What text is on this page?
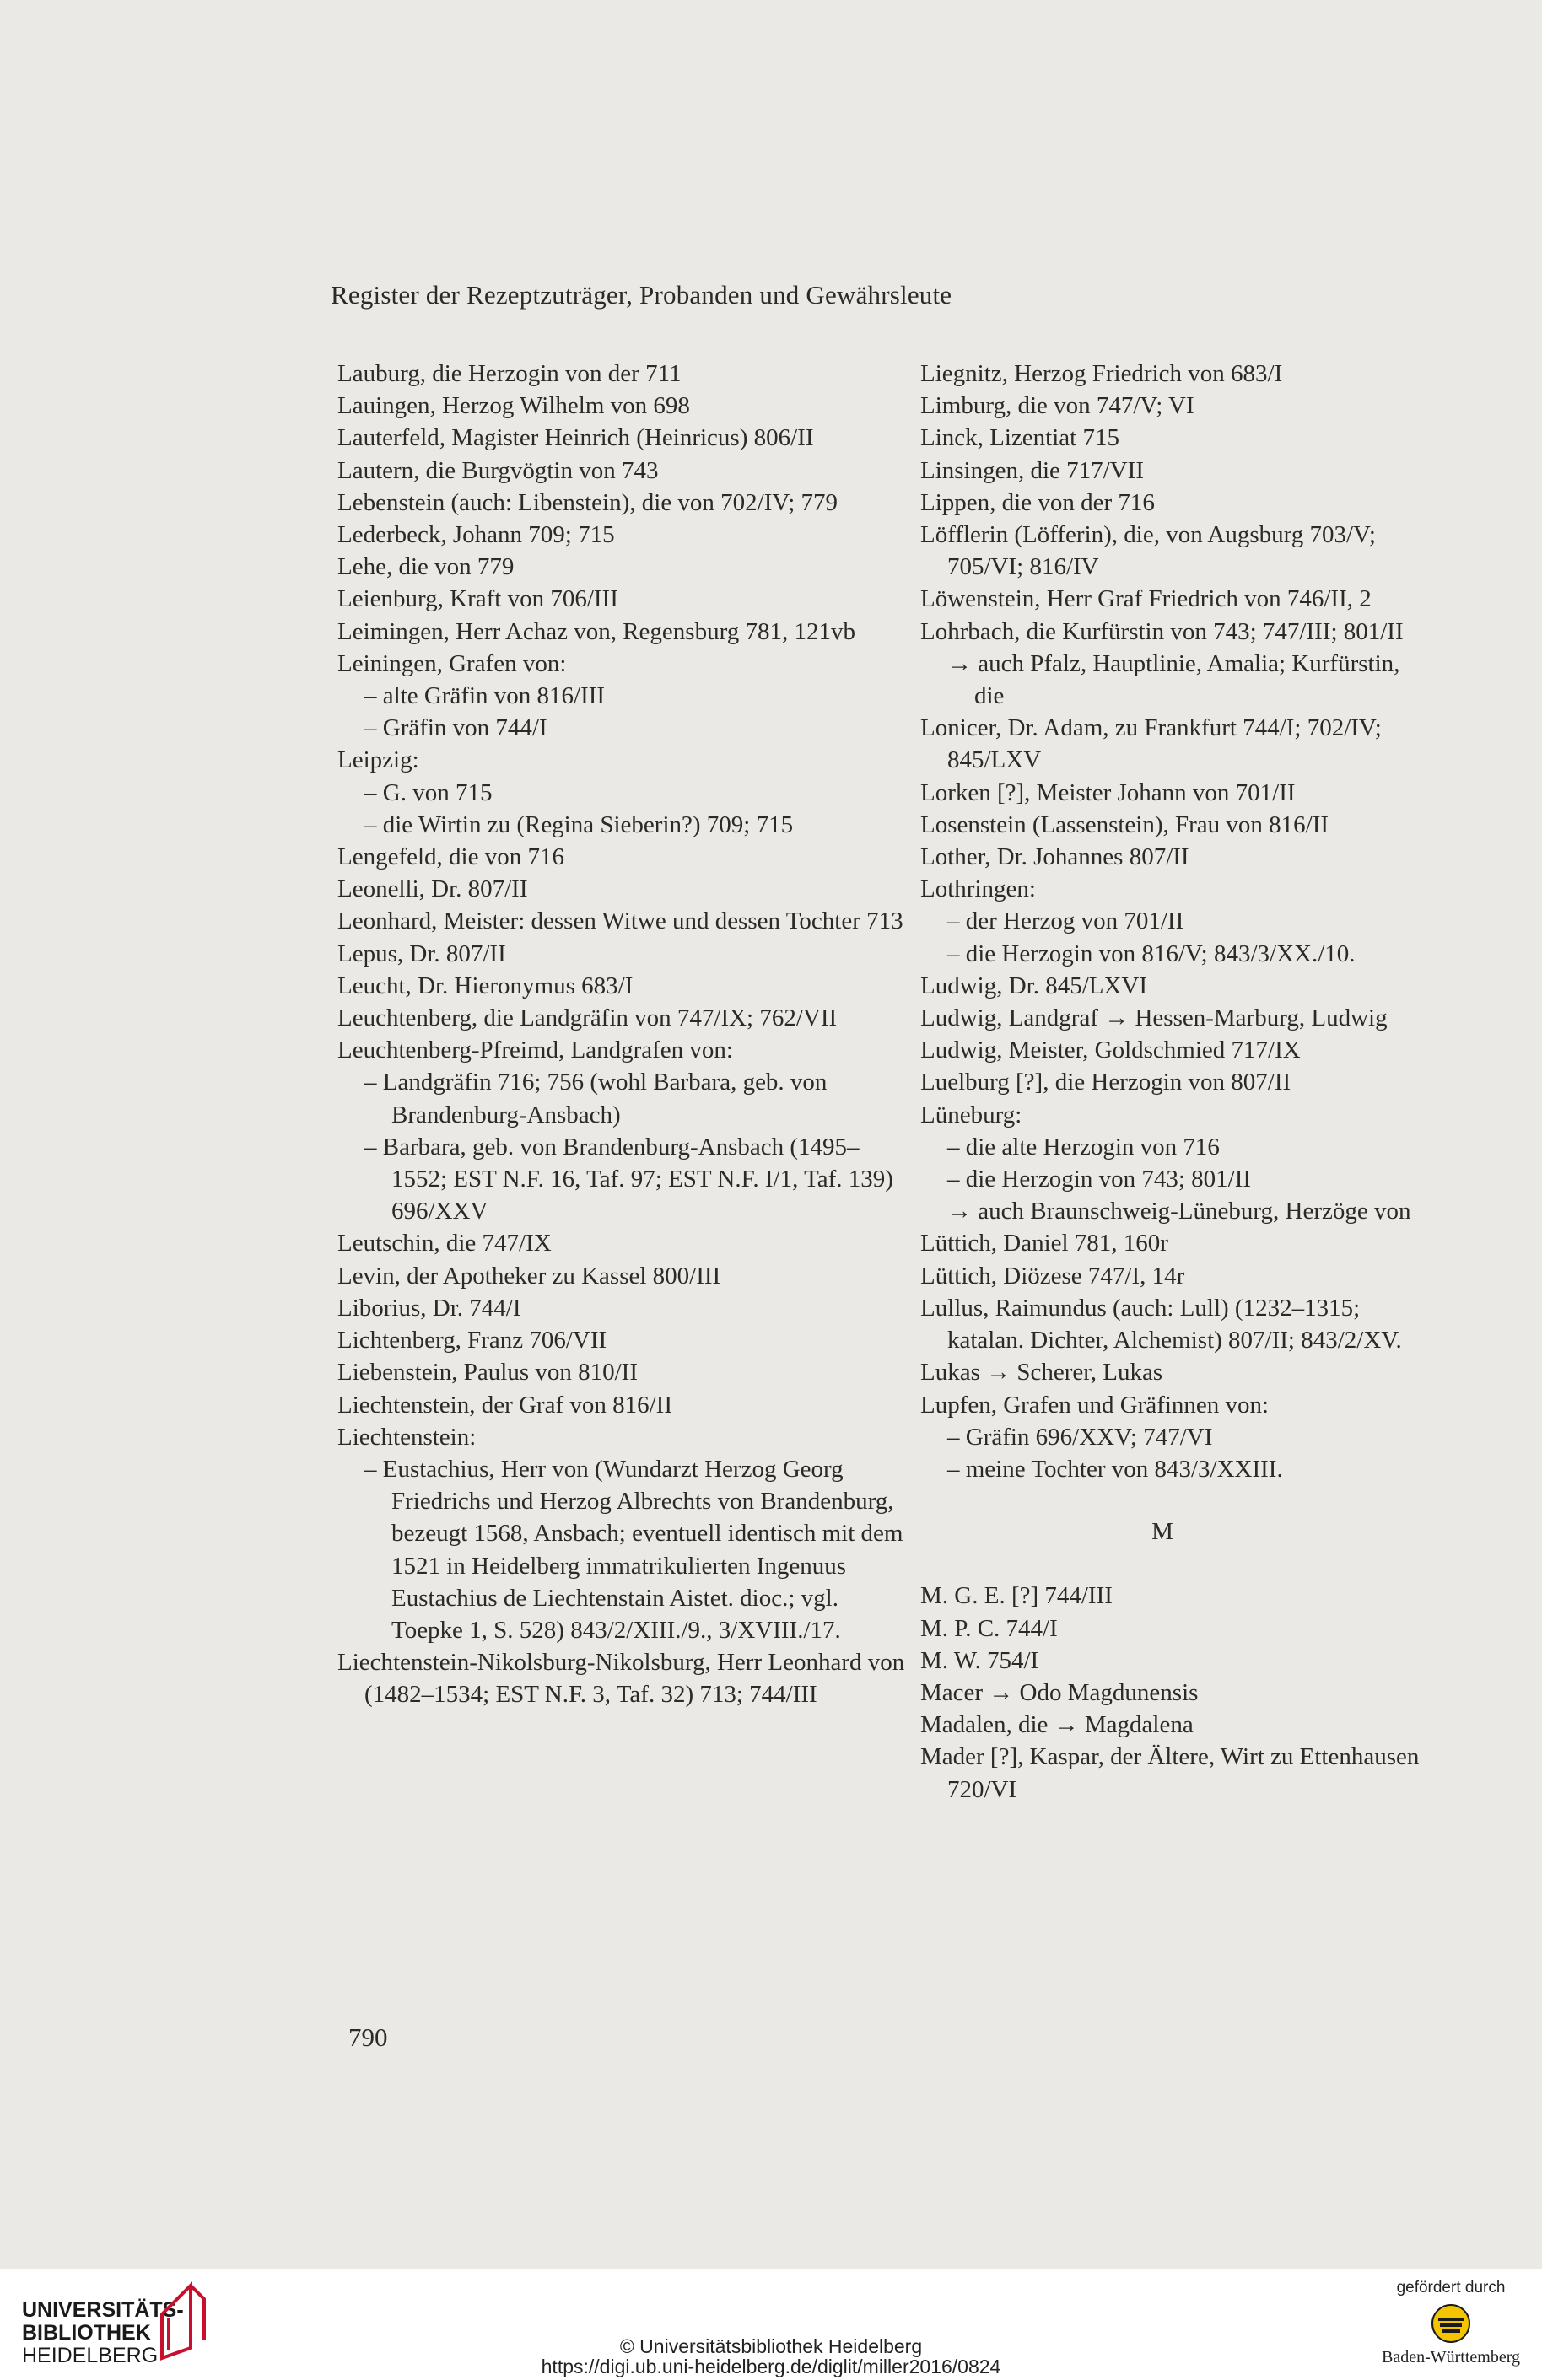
Register der Rezeptzuträger, Probanden und Gewährsleute

Lauburg, die Herzogin von der 711

Lauingen, Herzog Wilhelm von 698

Lauterfeld, Magister Heinrich (Heinricus) 806/II

Lautern, die Burgvögtin von 743

Lebenstein (auch: Libenstein), die von 702/IV; 779

Lederbeck, Johann 709; 715

Lehe, die von 779

Leienburg, Kraft von 706/III

Leimingen, Herr Achaz von, Regensburg 781, 121vb

Leiningen, Grafen von:

– alte Gräfin von 816/III

– Gräfin von 744/I

Leipzig:

– G. von 715

– die Wirtin zu (Regina Sieberin?) 709; 715

Lengefeld, die von 716

Leonelli, Dr. 807/II

Leonhard, Meister: dessen Witwe und dessen Tochter 713

Lepus, Dr. 807/II

Leucht, Dr. Hieronymus 683/I

Leuchtenberg, die Landgräfin von 747/IX; 762/VII

Leuchtenberg-Pfreimd, Landgrafen von:

– Landgräfin 716; 756 (wohl Barbara, geb. von Brandenburg-Ansbach)

– Barbara, geb. von Brandenburg-Ansbach (1495–1552; EST N.F. 16, Taf. 97; EST N.F. I/1, Taf. 139) 696/XXV

Leutschin, die 747/IX

Levin, der Apotheker zu Kassel 800/III

Liborius, Dr. 744/I

Lichtenberg, Franz 706/VII

Liebenstein, Paulus von 810/II

Liechtenstein, der Graf von 816/II

Liechtenstein:

– Eustachius, Herr von (Wundarzt Herzog Georg Friedrichs und Herzog Albrechts von Brandenburg, bezeugt 1568, Ansbach; eventuell identisch mit dem 1521 in Heidelberg immatrikulierten Ingenuus Eustachius de Liechtenstain Aistet. dioc.; vgl. Toepke 1, S. 528) 843/2/XIII./9., 3/XVIII./17.

Liechtenstein-Nikolsburg-Nikolsburg, Herr Leonhard von (1482–1534; EST N.F. 3, Taf. 32) 713; 744/III

Liegnitz, Herzog Friedrich von 683/I

Limburg, die von 747/V; VI

Linck, Lizentiat 715

Linsingen, die 717/VII

Lippen, die von der 716

Löfflerin (Löfferin), die, von Augsburg 703/V; 705/VI; 816/IV

Löwenstein, Herr Graf Friedrich von 746/II, 2

Lohrbach, die Kurfürstin von 743; 747/III; 801/II

→ auch Pfalz, Hauptlinie, Amalia; Kurfürstin, die

Lonicer, Dr. Adam, zu Frankfurt 744/I; 702/IV; 845/LXV

Lorken [?], Meister Johann von 701/II

Losenstein (Lassenstein), Frau von 816/II

Lother, Dr. Johannes 807/II

Lothringen:

– der Herzog von 701/II

– die Herzogin von 816/V; 843/3/XX./10.

Ludwig, Dr. 845/LXVI

Ludwig, Landgraf → Hessen-Marburg, Ludwig

Ludwig, Meister, Goldschmied 717/IX

Luelburg [?], die Herzogin von 807/II

Lüneburg:

– die alte Herzogin von 716

– die Herzogin von 743; 801/II

→ auch Braunschweig-Lüneburg, Herzöge von

Lüttich, Daniel 781, 160r

Lüttich, Diözese 747/I, 14r

Lullus, Raimundus (auch: Lull) (1232–1315; katalan. Dichter, Alchemist) 807/II; 843/2/XV.

Lukas → Scherer, Lukas

Lupfen, Grafen und Gräfinnen von:

– Gräfin 696/XXV; 747/VI

– meine Tochter von 843/3/XXIII.

M

M. G. E. [?] 744/III

M. P. C. 744/I

M. W. 754/I

Macer → Odo Magdunensis

Madalen, die → Magdalena

Mader [?], Kaspar, der Ältere, Wirt zu Ettenhausen 720/VI

790
UNIVERSITÄTS-
BIBLIOTHEK
HEIDELBERG	© Universitätsbibliothek Heidelberg
https://digi.ub.uni-heidelberg.de/diglit/miller2016/0824
gefördert durch
Baden-Württemberg
